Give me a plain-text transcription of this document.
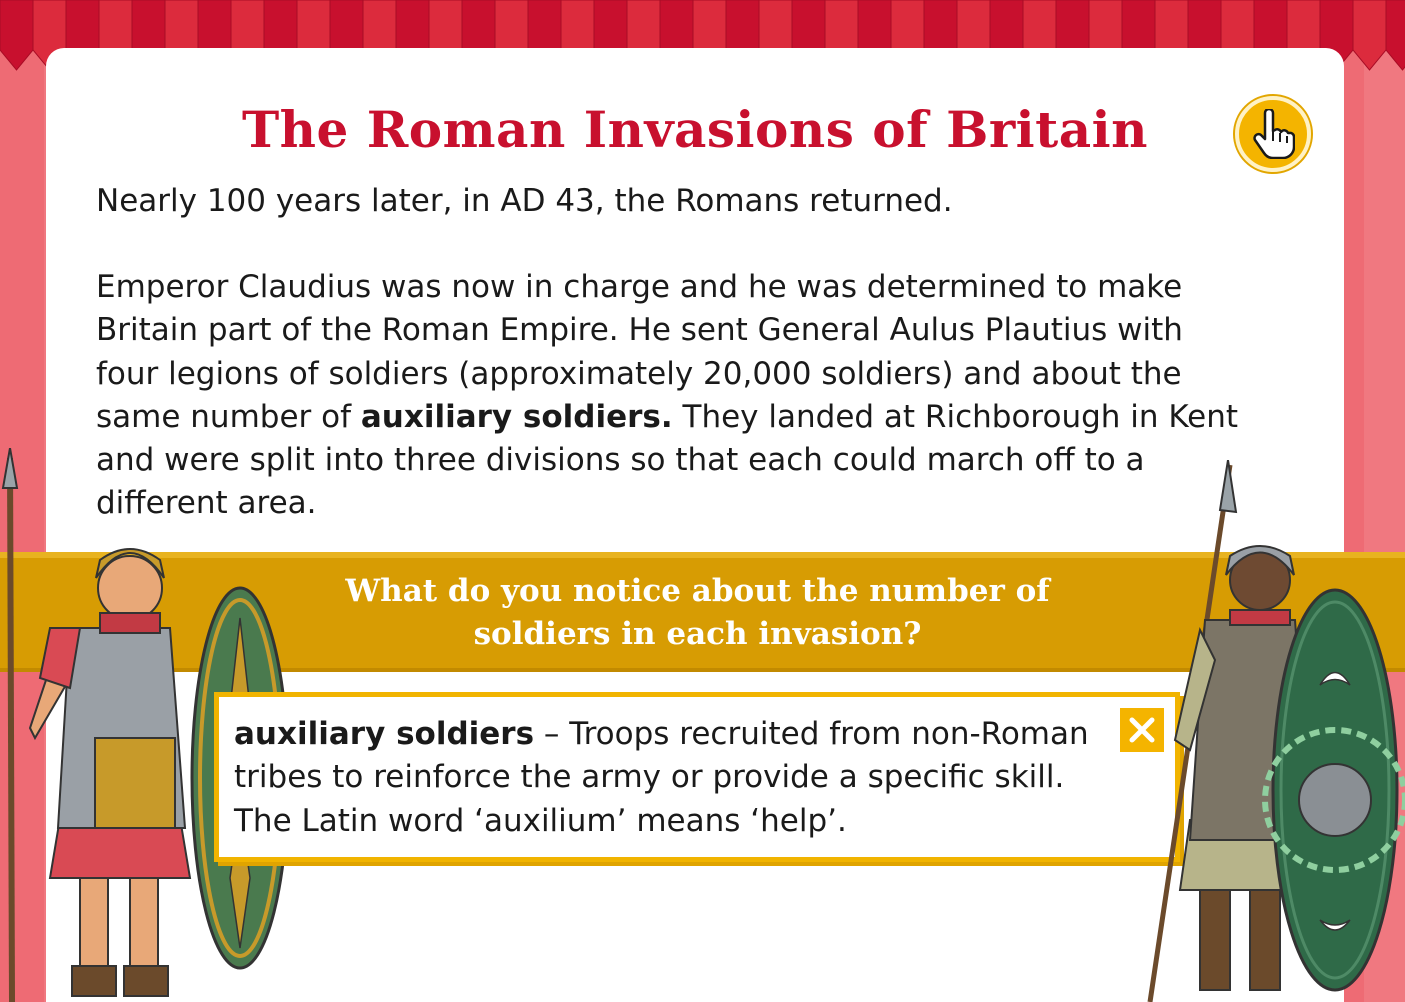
The Roman Invasions of Britain

Nearly 100 years later, in AD 43, the Romans returned.

Emperor Claudius was now in charge and he was determined to make
Britain part of the Roman Empire. He sent General Aulus Plautius with
four legions of soldiers (approximately 20,000 soldiers) and about the
same number of auxiliary soldiers. They landed at Richborough in Kent
and were split into three divisions so that each could march off to a
different area.
What do you notice about the number of
soldiers in each invasion?
auxiliary soldiers – Troops recruited from non-Roman
tribes to reinforce the army or provide a specific skill.
The Latin word ‘auxilium’ means ‘help’.
